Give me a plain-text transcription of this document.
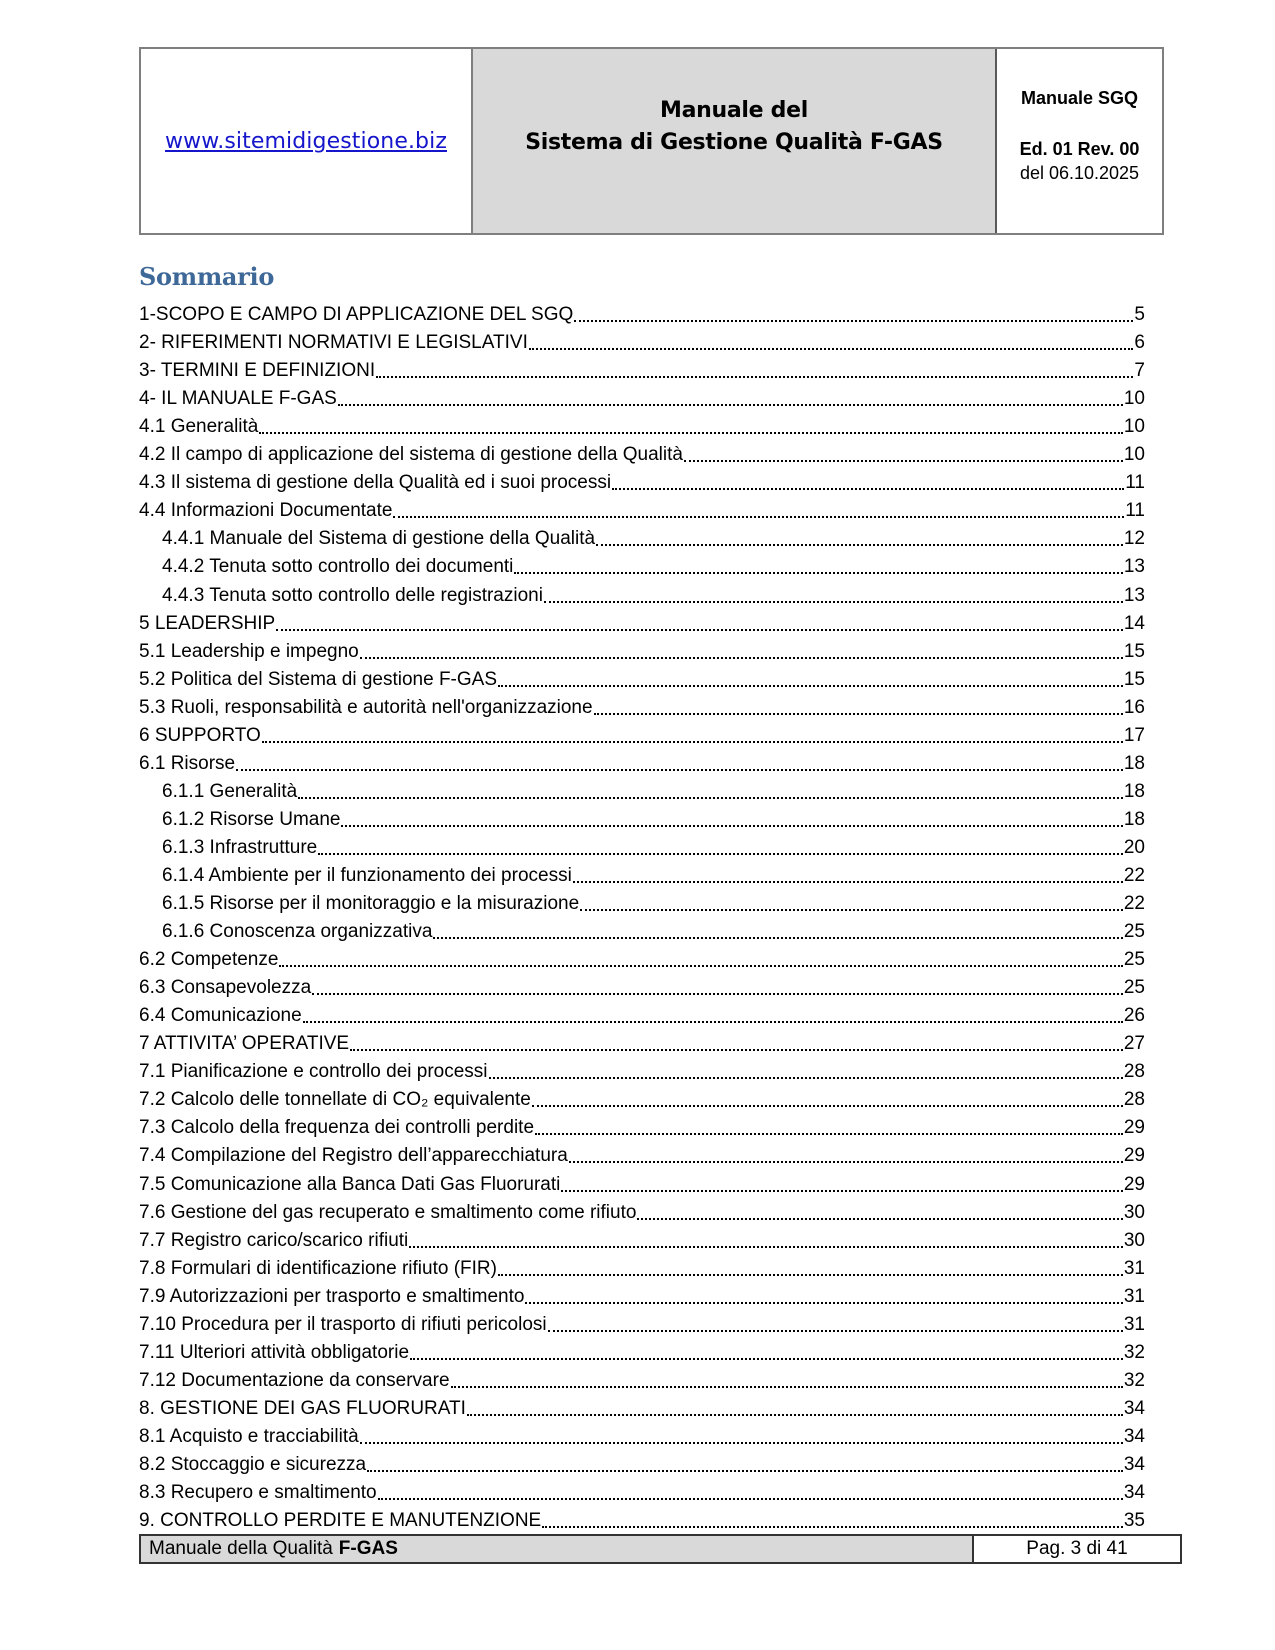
www.sitemidigestione.biz
Manuale del
Sistema di Gestione Qualità F-GAS
Manuale SGQ
Ed. 01 Rev. 00
del 06.10.2025
Sommario
1-SCOPO E CAMPO DI APPLICAZIONE DEL SGQ	5
2- RIFERIMENTI NORMATIVI E LEGISLATIVI	6
3- TERMINI E DEFINIZIONI	7
4- IL MANUALE F-GAS	10
4.1 Generalità	10
4.2 Il campo di applicazione del sistema di gestione della Qualità	10
4.3 Il sistema di gestione della Qualità ed i suoi processi	11
4.4 Informazioni Documentate	11
4.4.1 Manuale del Sistema di gestione della Qualità	12
4.4.2 Tenuta sotto controllo dei documenti	13
4.4.3 Tenuta sotto controllo delle registrazioni	13
5 LEADERSHIP	14
5.1 Leadership e impegno	15
5.2 Politica del Sistema di gestione F-GAS	15
5.3 Ruoli, responsabilità e autorità nell'organizzazione	16
6 SUPPORTO	17
6.1 Risorse	18
6.1.1 Generalità	18
6.1.2 Risorse Umane	18
6.1.3 Infrastrutture	20
6.1.4 Ambiente per il funzionamento dei processi	22
6.1.5 Risorse per il monitoraggio e la misurazione	22
6.1.6 Conoscenza organizzativa	25
6.2 Competenze	25
6.3 Consapevolezza	25
6.4 Comunicazione	26
7 ATTIVITA’ OPERATIVE	27
7.1 Pianificazione e controllo dei processi	28
7.2 Calcolo delle tonnellate di CO₂ equivalente	28
7.3 Calcolo della frequenza dei controlli perdite	29
7.4 Compilazione del Registro dell’apparecchiatura	29
7.5 Comunicazione alla Banca Dati Gas Fluorurati	29
7.6 Gestione del gas recuperato e smaltimento come rifiuto	30
7.7 Registro carico/scarico rifiuti	30
7.8 Formulari di identificazione rifiuto (FIR)	31
7.9 Autorizzazioni per trasporto e smaltimento	31
7.10 Procedura per il trasporto di rifiuti pericolosi	31
7.11 Ulteriori attività obbligatorie	32
7.12 Documentazione da conservare	32
8. GESTIONE DEI GAS FLUORURATI	34
8.1 Acquisto e tracciabilità	34
8.2 Stoccaggio e sicurezza	34
8.3 Recupero e smaltimento	34
9. CONTROLLO PERDITE E MANUTENZIONE	35
Manuale della Qualità F-GAS	Pag. 3 di 41
